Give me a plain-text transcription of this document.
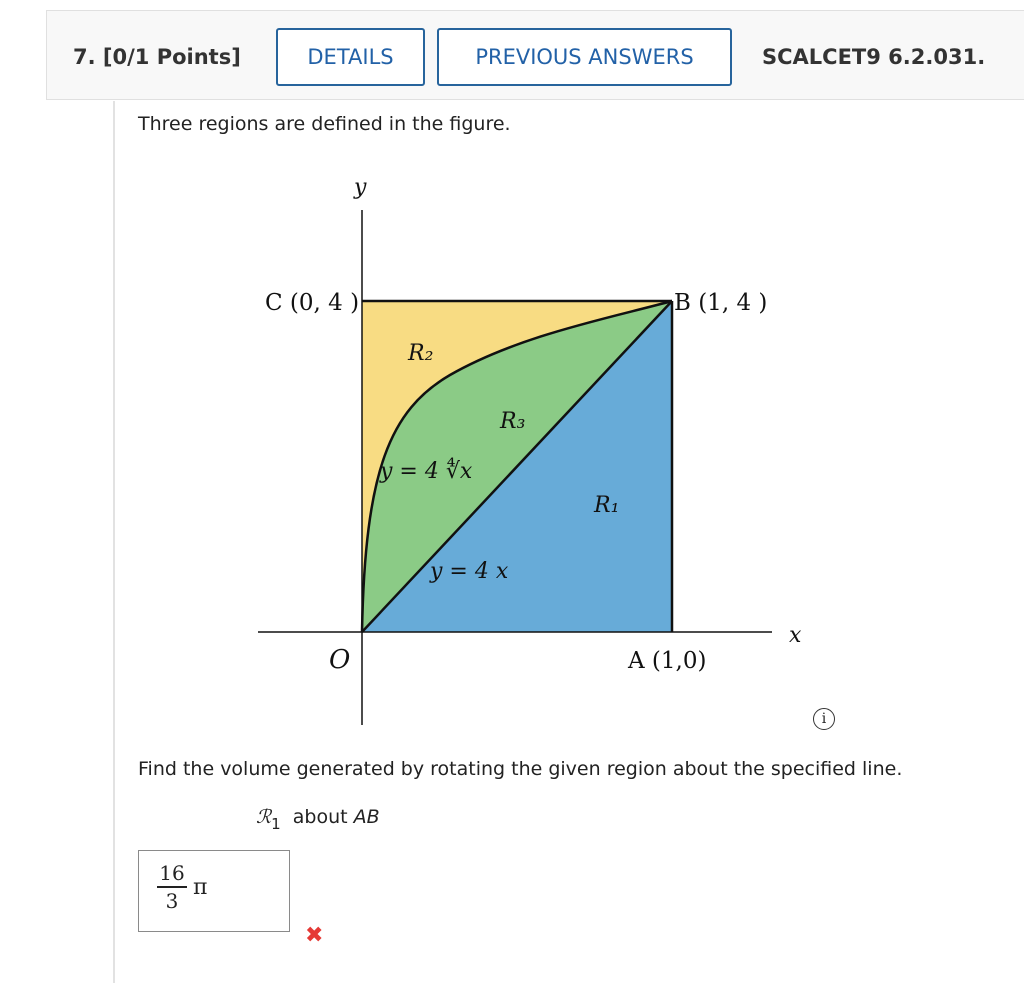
7. [0/1 Points]	DETAILS	PREVIOUS ANSWERS	SCALCET9 6.2.031.
Three regions are defined in the figure.
y
x
O
C (0, 4 )	B (1, 4 )
A (1,0)
R₂
R₃
R₁
y = 4 ∜x
y = 4 x
i
Find the volume generated by rotating the given region about the specified line.
ℛ$_1$ about AB
16
3
π
✖
